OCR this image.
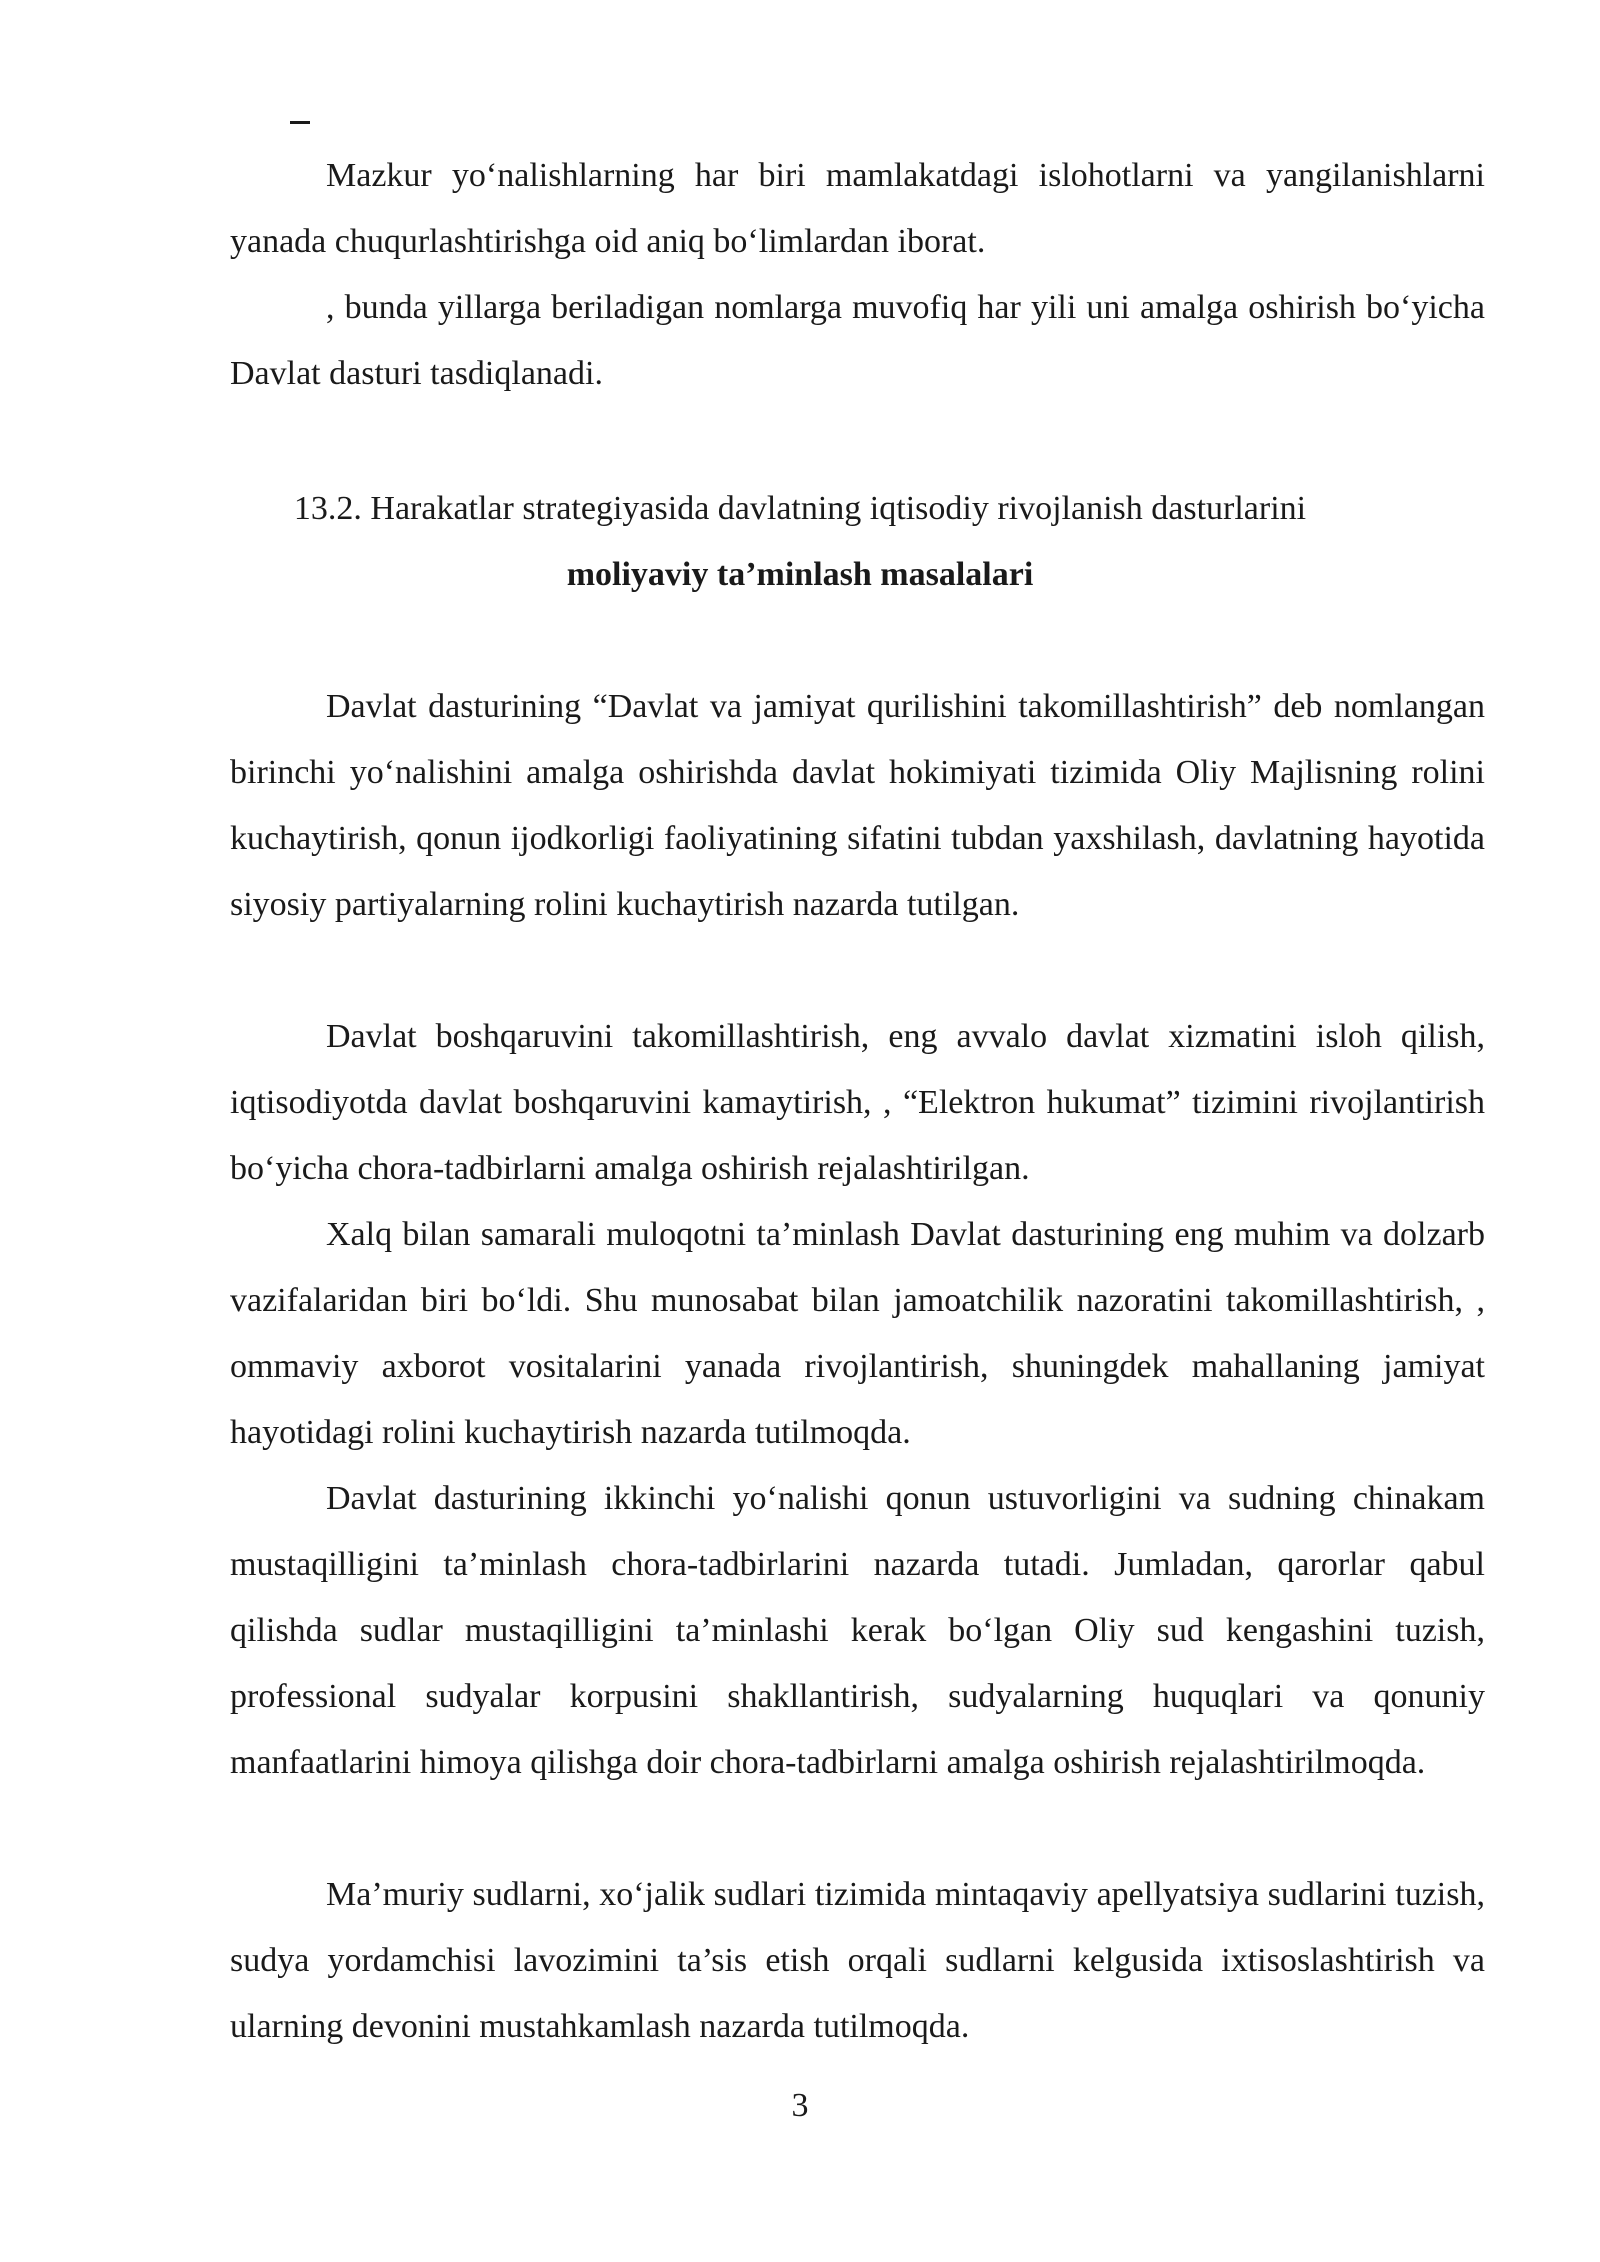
Mazkur yo‘nalishlarning har biri mamlakatdagi islohotlarni va yangilanishlarni yanada chuqurlashtirishga oid aniq bo‘limlardan iborat.

, bunda yillarga beriladigan nomlarga muvofiq har yili uni amalga oshirish bo‘yicha Davlat dasturi tasdiqlanadi.

13.2. Harakatlar strategiyasida davlatning iqtisodiy rivojlanish dasturlarini

moliyaviy ta’minlash masalalari

Davlat dasturining “Davlat va jamiyat qurilishini takomillashtirish” deb nomlangan birinchi yo‘nalishini amalga oshirishda davlat hokimiyati tizimida Oliy Majlisning rolini kuchaytirish, qonun ijodkorligi faoliyatining sifatini tubdan yaxshilash, davlatning hayotida siyosiy partiyalarning rolini kuchaytirish nazarda tutilgan.

Davlat boshqaruvini takomillashtirish, eng avvalo davlat xizmatini isloh qilish, iqtisodiyotda davlat boshqaruvini kamaytirish, , “Elektron hukumat” tizimini rivojlantirish bo‘yicha chora-tadbirlarni amalga oshirish rejalashtirilgan.

Xalq bilan samarali muloqotni ta’minlash Davlat dasturining eng muhim va dolzarb vazifalaridan biri bo‘ldi. Shu munosabat bilan jamoatchilik nazoratini takomillashtirish, , ommaviy axborot vositalarini yanada rivojlantirish, shuningdek mahallaning jamiyat hayotidagi rolini kuchaytirish nazarda tutilmoqda.

Davlat dasturining ikkinchi yo‘nalishi qonun ustuvorligini va sudning chinakam mustaqilligini ta’minlash chora-tadbirlarini nazarda tutadi. Jumladan, qarorlar qabul qilishda sudlar mustaqilligini ta’minlashi kerak bo‘lgan Oliy sud kengashini tuzish, professional sudyalar korpusini shakllantirish, sudyalarning huquqlari va qonuniy manfaatlarini himoya qilishga doir chora-tadbirlarni amalga oshirish rejalashtirilmoqda.

Ma’muriy sudlarni, xo‘jalik sudlari tizimida mintaqaviy apellyatsiya sudlarini tuzish, sudya yordamchisi lavozimini ta’sis etish orqali sudlarni kelgusida ixtisoslashtirish va ularning devonini mustahkamlash nazarda tutilmoqda.

3
